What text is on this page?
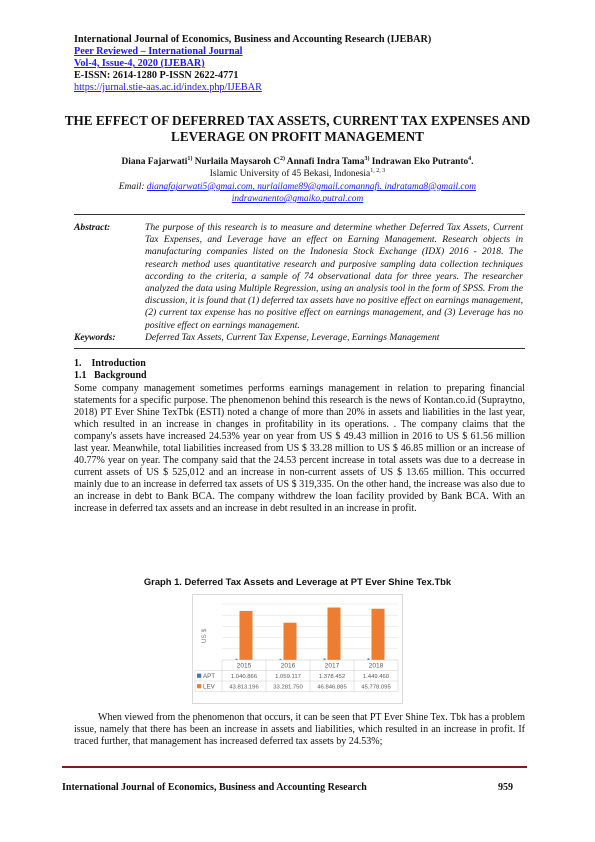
International Journal of Economics, Business and Accounting Research (IJEBAR)
Peer Reviewed – International Journal
Vol-4, Issue-4, 2020 (IJEBAR)
E-ISSN: 2614-1280 P-ISSN 2622-4771
https://jurnal.stie-aas.ac.id/index.php/IJEBAR
THE EFFECT OF DEFERRED TAX ASSETS, CURRENT TAX EXPENSES AND LEVERAGE ON PROFIT MANAGEMENT
Diana Fajarwati$^{1)}$ Nurlaila Maysaroh $C^{2)}$ Annafi Indra Tama$^{3)}$ Indrawan Eko Putranto$^4$.
Islamic University of 45 Bekasi, Indonesia$^{1, 2, 3}$
Email: dianafajarwati5@gmai.com, nurlailame89@gmail.comannafi. indratama8@gmail.com
indrawanento@gmaiko.putral.com
Abstract:	The purpose of this research is to measure and determine whether Deferred Tax Assets, Current Tax Expenses, and Leverage have an effect on Earning Management. Research objects in manufacturing companies listed on the Indonesia Stock Exchange (IDX) 2016 - 2018. The research method uses quantitative research and purposive sampling data collection techniques according to the criteria, a sample of 74 observational data for three years. The researcher analyzed the data using Multiple Regression, using an analysis tool in the form of SPSS. From the discussion, it is found that (1) deferred tax assets have no positive effect on earnings management, (2) current tax expense has no positive effect on earnings management, and (3) Leverage has no positive effect on earnings management.
Keywords:	Deferred Tax Assets, Current Tax Expense, Leverage, Earnings Management
1. Introduction
1.1 Background
Some company management sometimes performs earnings management in relation to preparing financial statements for a specific purpose. The phenomenon behind this research is the news of Kontan.co.id (Supraytno, 2018) PT Ever Shine TexTbk (ESTI) noted a change of more than 20% in assets and liabilities in the last year, which resulted in an increase in changes in profitability in its operations. . The company claims that the company's assets have increased 24.53% year on year from US $ 49.43 million in 2016 to US $ 61.56 million last year. Meanwhile, total liabilities increased from US $ 33.28 million to US $ 46.85 million or an increase of 40.77% year on year. The company said that the 24.53 percent increase in total assets was due to a decrease in current assets of US $ 525,012 and an increase in non-current assets of US $ 13.65 million. This occurred mainly due to an increase in deferred tax assets of US $ 319,335. On the other hand, the increase was also due to an increase in debt to Bank BCA. The company withdrew the loan facility provided by Bank BCA. With an increase in deferred tax assets and an increase in debt resulted in an increase in profit.
Graph 1. Deferred Tax Assets and Leverage at PT Ever Shine Tex.Tbk
US $
2015	2016	2017	2018
APT	1.040.866	1.059.117	1.378.452	1.449.460
LEV 43.813.196 33.281.750 46.846.885 45.778.095
When viewed from the phenomenon that occurs, it can be seen that PT Ever Shine Tex. Tbk has a problem issue, namely that there has been an increase in assets and liabilities, which resulted in an increase in profit. If traced further, that management has increased deferred tax assets by 24.53%;
International Journal of Economics, Business and Accounting Research	959
